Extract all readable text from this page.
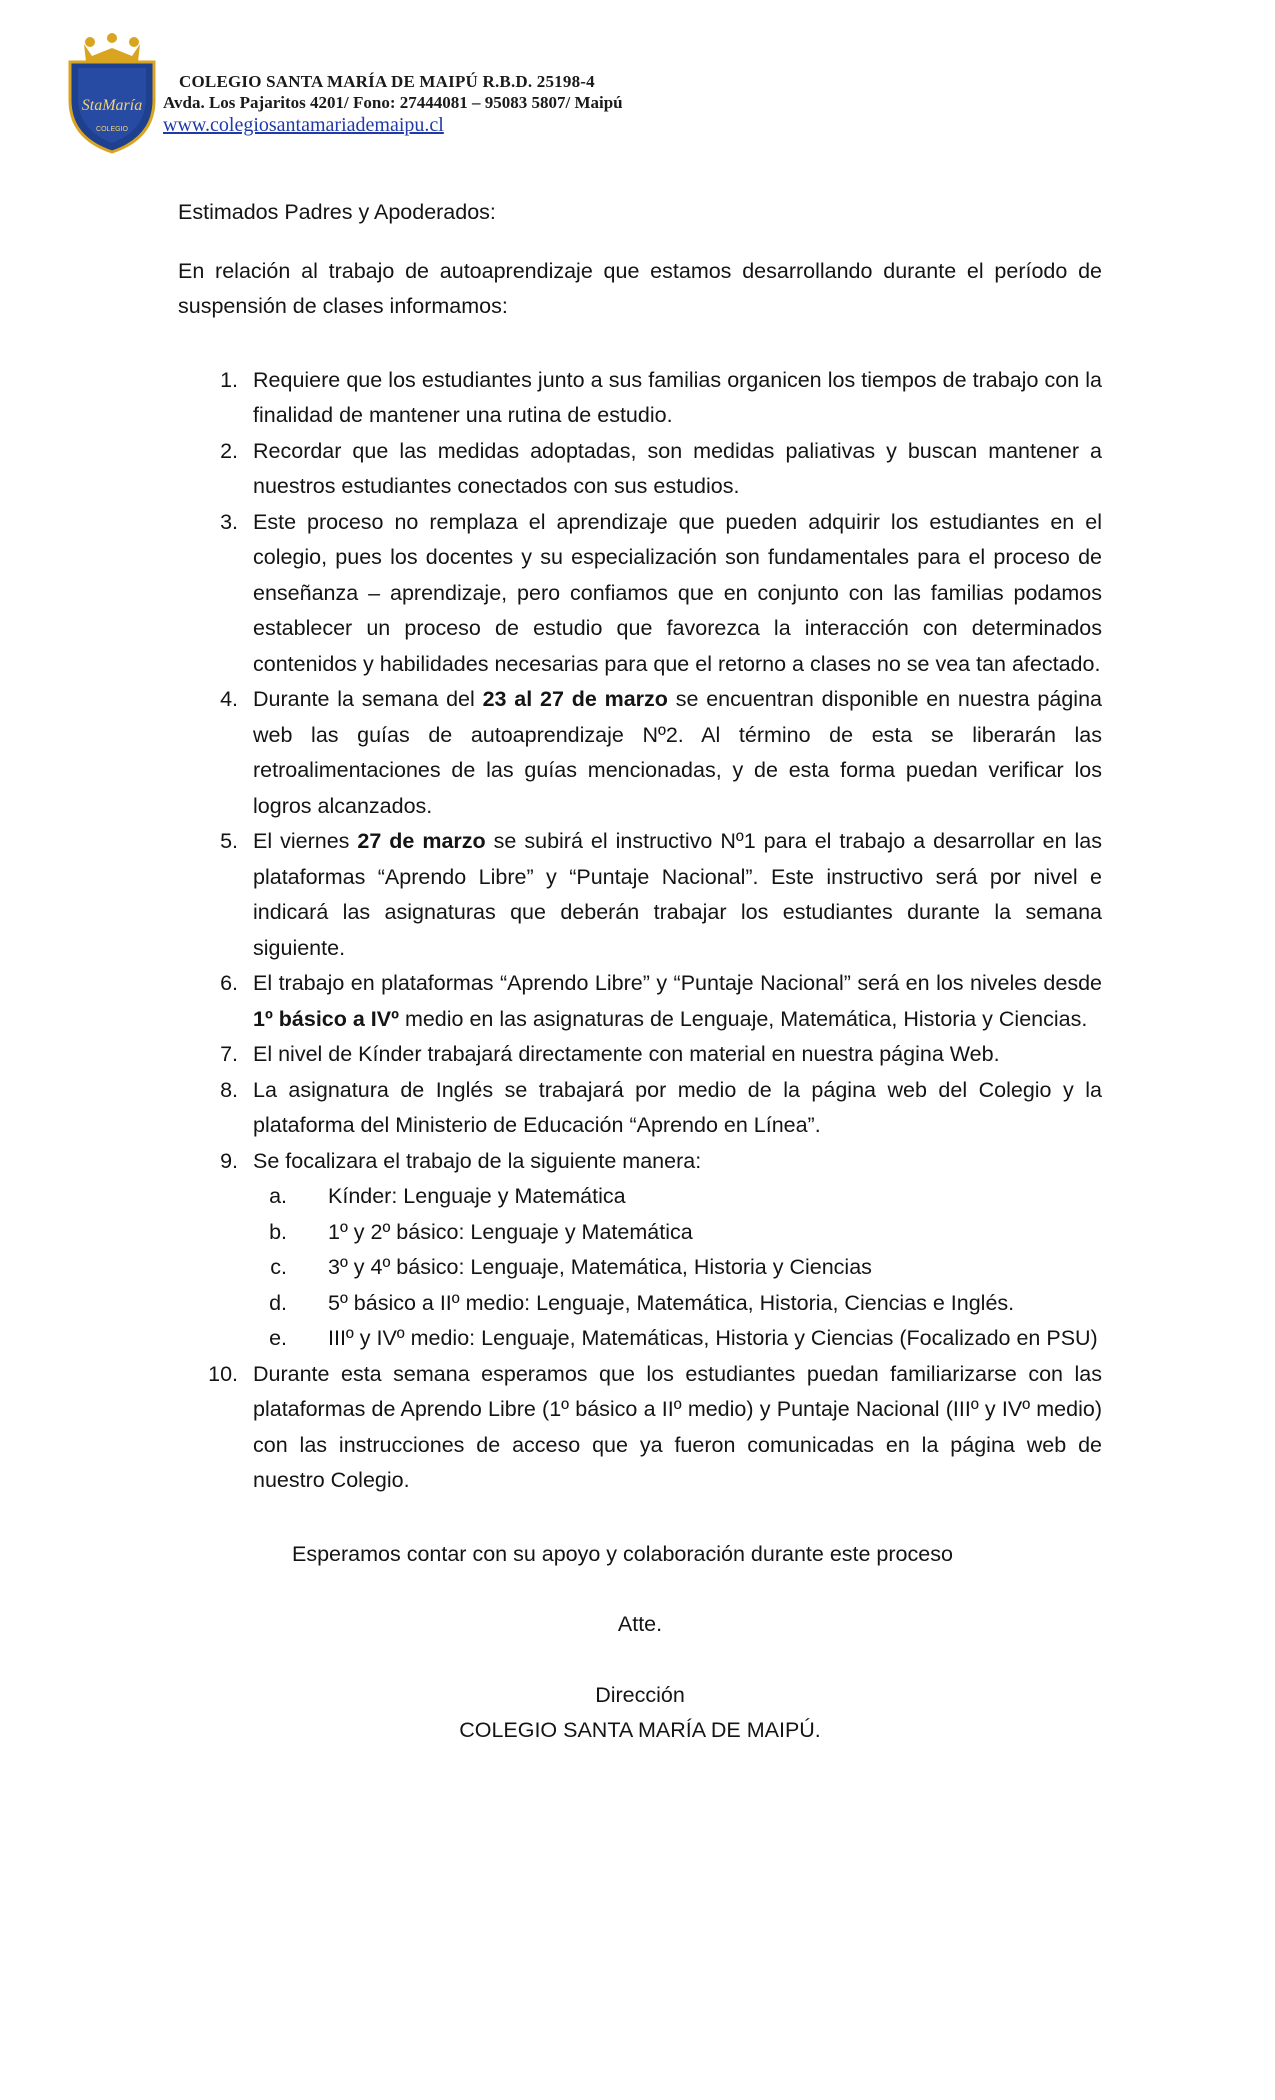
StaMaría
COLEGIO
COLEGIO SANTA MARÍA DE MAIPÚ R.B.D. 25198-4
Avda. Los Pajaritos 4201/ Fono: 27444081 – 95083 5807/ Maipú
www.colegiosantamariademaipu.cl

Estimados Padres y Apoderados:

En relación al trabajo de autoaprendizaje que estamos desarrollando durante el período de suspensión de clases informamos:

1. Requiere que los estudiantes junto a sus familias organicen los tiempos de trabajo con la finalidad de mantener una rutina de estudio.
2. Recordar que las medidas adoptadas, son medidas paliativas y buscan mantener a nuestros estudiantes conectados con sus estudios.
3. Este proceso no remplaza el aprendizaje que pueden adquirir los estudiantes en el colegio, pues los docentes y su especialización son fundamentales para el proceso de enseñanza – aprendizaje, pero confiamos que en conjunto con las familias podamos establecer un proceso de estudio que favorezca la interacción con determinados contenidos y habilidades necesarias para que el retorno a clases no se vea tan afectado.
4. Durante la semana del 23 al 27 de marzo se encuentran disponible en nuestra página web las guías de autoaprendizaje Nº2. Al término de esta se liberarán las retroalimentaciones de las guías mencionadas, y de esta forma puedan verificar los logros alcanzados.
5. El viernes 27 de marzo se subirá el instructivo Nº1 para el trabajo a desarrollar en las plataformas “Aprendo Libre” y “Puntaje Nacional”. Este instructivo será por nivel e indicará las asignaturas que deberán trabajar los estudiantes durante la semana siguiente.
6. El trabajo en plataformas “Aprendo Libre” y “Puntaje Nacional” será en los niveles desde 1º básico a IVº medio en las asignaturas de Lenguaje, Matemática, Historia y Ciencias.
7. El nivel de Kínder trabajará directamente con material en nuestra página Web.
8. La asignatura de Inglés se trabajará por medio de la página web del Colegio y la plataforma del Ministerio de Educación “Aprendo en Línea”.
9. Se focalizara el trabajo de la siguiente manera:
a. Kínder: Lenguaje y Matemática
b. 1º y 2º básico: Lenguaje y Matemática
c. 3º y 4º básico: Lenguaje, Matemática, Historia y Ciencias
d. 5º básico a IIº medio: Lenguaje, Matemática, Historia, Ciencias e Inglés.
e. IIIº y IVº medio: Lenguaje, Matemáticas, Historia y Ciencias (Focalizado en PSU)
10. Durante esta semana esperamos que los estudiantes puedan familiarizarse con las plataformas de Aprendo Libre (1º básico a IIº medio) y Puntaje Nacional (IIIº y IVº medio) con las instrucciones de acceso que ya fueron comunicadas en la página web de nuestro Colegio.
Esperamos contar con su apoyo y colaboración durante este proceso
Atte.
Dirección
COLEGIO SANTA MARÍA DE MAIPÚ.
